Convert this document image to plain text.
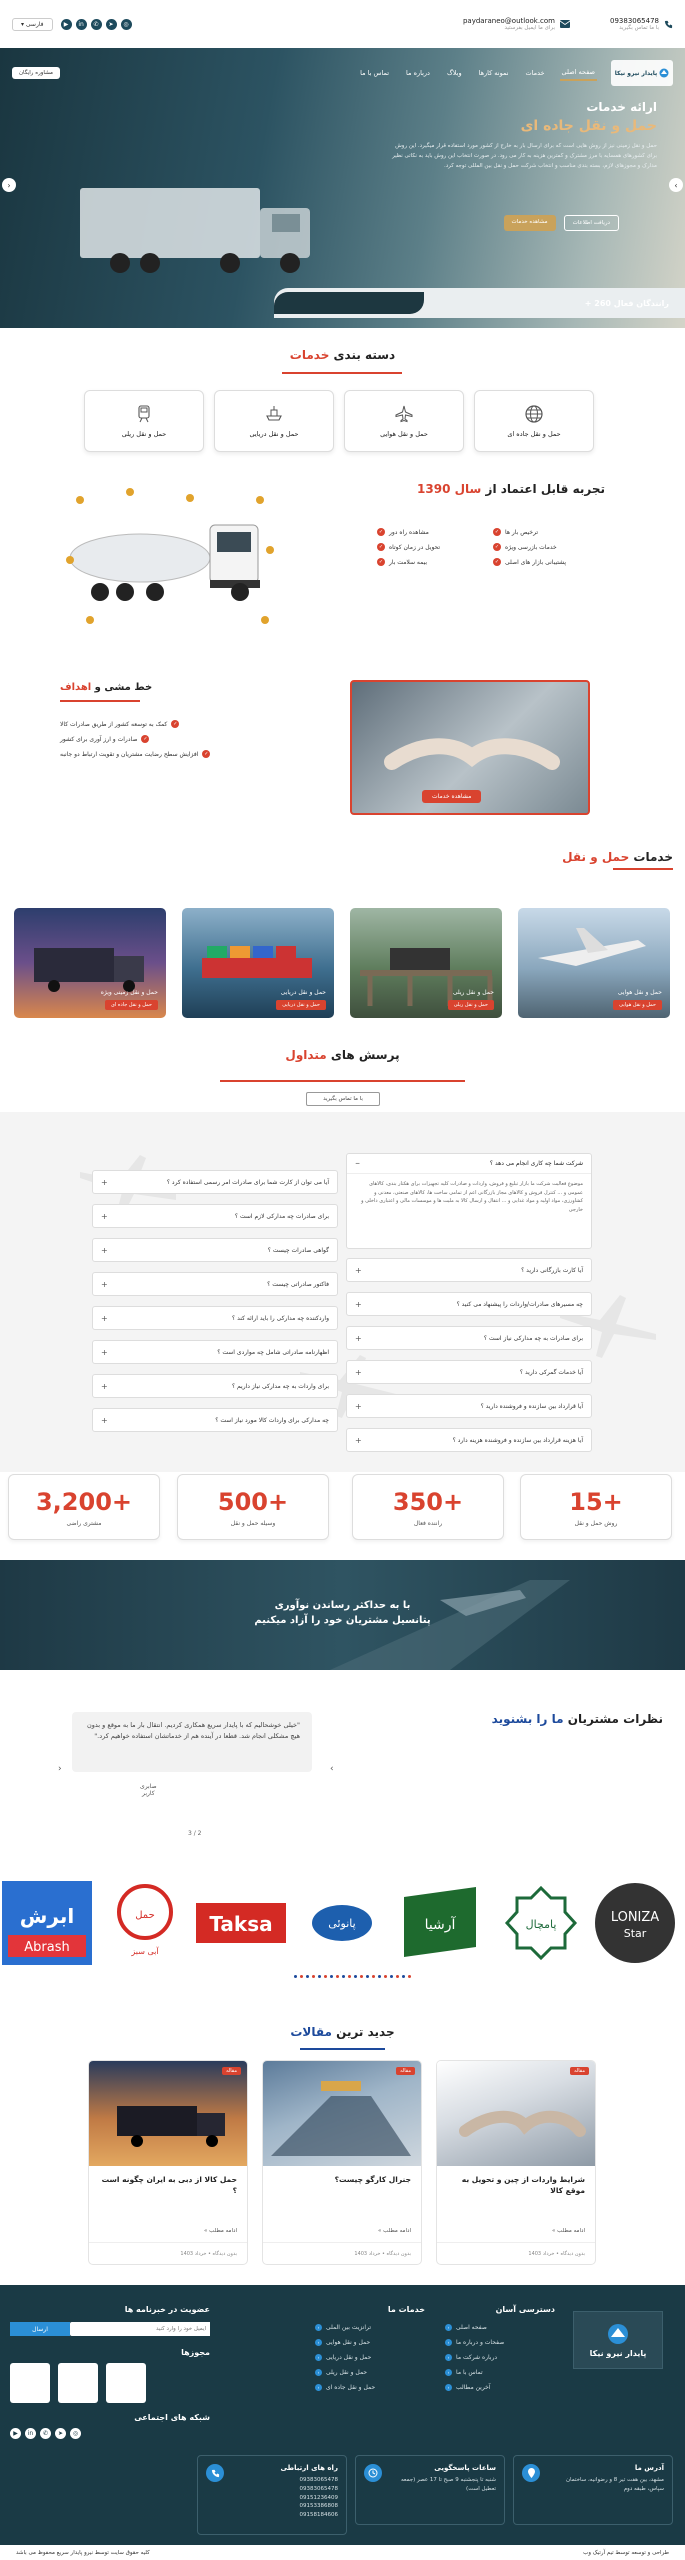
09383065478
با ما تماس بگیرید
paydaraneo@outlook.com
برای ما ایمیل بفرستید
◎
➤
✆
in
▶
فارسی ▾
‹	›
پایدار نیرو نیکا
صفحه اصلی
خدمات
نمونه کارها
وبلاگ
درباره ما
تماس با ما
مشاوره رایگان
ارائه خدمات
حمل و نقل جاده ای
حمل و نقل زمینی نیز از روش هایی است که برای ارسال بار به خارج از کشور مورد استفاده قرار میگیرد. این روش برای کشورهای همسایه با مرز مشترک و کمترین هزینه به کار می رود. در صورت انتخاب این روش باید به نکاتی نظیر مدارک و مجوزهای لازم، بسته بندی مناسب و انتخاب شرکت حمل و نقل بین المللی توجه کرد.
دریافت اطلاعات
مشاهده خدمات
رانندگان فعال 260 +
دسته بندی خدمات
حمل و نقل جاده ای
حمل و نقل هوایی
حمل و نقل دریایی
حمل و نقل ریلی
تجربه قابل اعتماد از سال 1390
ترخیص بار ها
✓
خدمات بازرسی ویژه
✓
پشتیبانی بازار های اصلی
✓
مشاهده راه دور
✓
تحویل در زمان کوتاه
✓
بیمه سلامت بار
✓
مشاهده خدمات
خط مشی و اهداف
کمک به توسعه کشور از طریق صادرات کالا	✓
صادرات و ارز آوری برای کشور	✓
افزایش سطح رضایت مشتریان و تقویت ارتباط دو جانبه	✓
خدمات حمل و نقل
حمل و نقل هوایی
حمل و نقل هوایی
حمل و نقل ریلی
حمل و نقل ریلی
حمل و نقل دریایی
حمل و نقل دریایی
حمل و نقل زمینی ویژه
حمل و نقل جاده ای
پرسش های متداول
با ما تماس بگیرید
شرکت شما چه کاری انجام می دهد ؟
−
موضوع فعالیت شرکت ما بازار تبلیغ و فروش، واردات و صادرات کلیه تجهیزات برای هکتار بندی، کالاهای عمومی و ... کنترل فروش و کالاهای مجاز بازرگانی اعم از تمامی ساخت ها، کالاهای صنعتی، معدنی و کشاورزی، مواد اولیه و مواد غذایی و ... انتقال و ارسال کالا به ملیت ها و موسسات مالی و اعتباری داخلی و خارجی
آیا کارت بازرگانی دارید ؟
+
چه مسیرهای صادرات/واردات را پیشنهاد می کنید ؟
+
برای صادرات به چه مدارکی نیاز است ؟
+
آیا خدمات گمرکی دارید ؟
+
آیا قرارداد بین سازنده و فروشنده دارید ؟
+
آیا هزینه قرارداد بین سازنده و فروشنده هزینه دارد ؟
+
آیا می توان از کارت شما برای صادرات امر رسمی استفاده کرد ؟
+
برای صادرات چه مدارکی لازم است ؟
+
گواهی صادرات چیست ؟
+
فاکتور صادراتی چیست ؟
+
واردکننده چه مدارکی را باید ارائه کند ؟
+
اظهارنامه صادراتی شامل چه مواردی است ؟
+
برای واردات به چه مدارکی نیاز داریم ؟
+
چه مدارکی برای واردات کالا مورد نیاز است ؟
+
+15
روش حمل و نقل
+350
راننده فعال
+500
وسیله حمل و نقل
+3,200
مشتری راضی
با به حداکثر رساندن نوآوری
پتانسیل مشتریان خود را آزاد میکنیم
نظرات مشتریان ما را بشنوید
"خیلی خوشحالیم که با پایدار سریع همکاری کردیم. انتقال بار ما به موقع و بدون هیچ مشکلی انجام شد. قطعا در آینده هم از خدماتشان استفاده خواهیم کرد."
صابری
کاربر
‹	›
2 / 3
LONIZA
Star
پامچال
آرشیا
پانوئی
Taksa
حمل
آبی سبز
ابرش
Abrash
جدید ترین مقالات
مقاله
شرایط واردات از چین و تحویل به موقع کالا
ادامه مطلب »
بدون دیدگاه • خرداد 1403
مقاله
جنرال کارگو چیست؟
ادامه مطلب »
بدون دیدگاه • خرداد 1403
مقاله
حمل کالا از دبی به ایران چگونه است ؟
ادامه مطلب »
بدون دیدگاه • خرداد 1403
پایدار نیرو نیکا
دسترسی آسان
صفحه اصلی
›
صفحات و درباره ما
›
درباره شرکت ما
›
تماس با ما
›
آخرین مطالب
›
خدمات ما
ترانزیت بین الملی
›
حمل و نقل هوایی
›
حمل و نقل دریایی
›
حمل و نقل ریلی
›
حمل و نقل جاده ای
›
عضویت در خبرنامه ها
ایمیل خود را وارد کنید
ارسال
مجوزها
شبکه های اجتماعی
◎
➤
✆
in
▶
آدرس ما
مشهد، بین هفت تیر 8 و رضوانیه، ساختمان سپاس، طبقه دوم
ساعات پاسخگویی
شنبه تا پنجشنبه 9 صبح تا 17 عصر (جمعه تعطیل است)
راه های ارتباطی
09383065478
09383065478
09151236409
09153386808
09158184606
طراحی و توسعه توسط تیم آرتیک وب
کلیه حقوق سایت توسط نیرو پایدار سریع محفوظ می باشد
